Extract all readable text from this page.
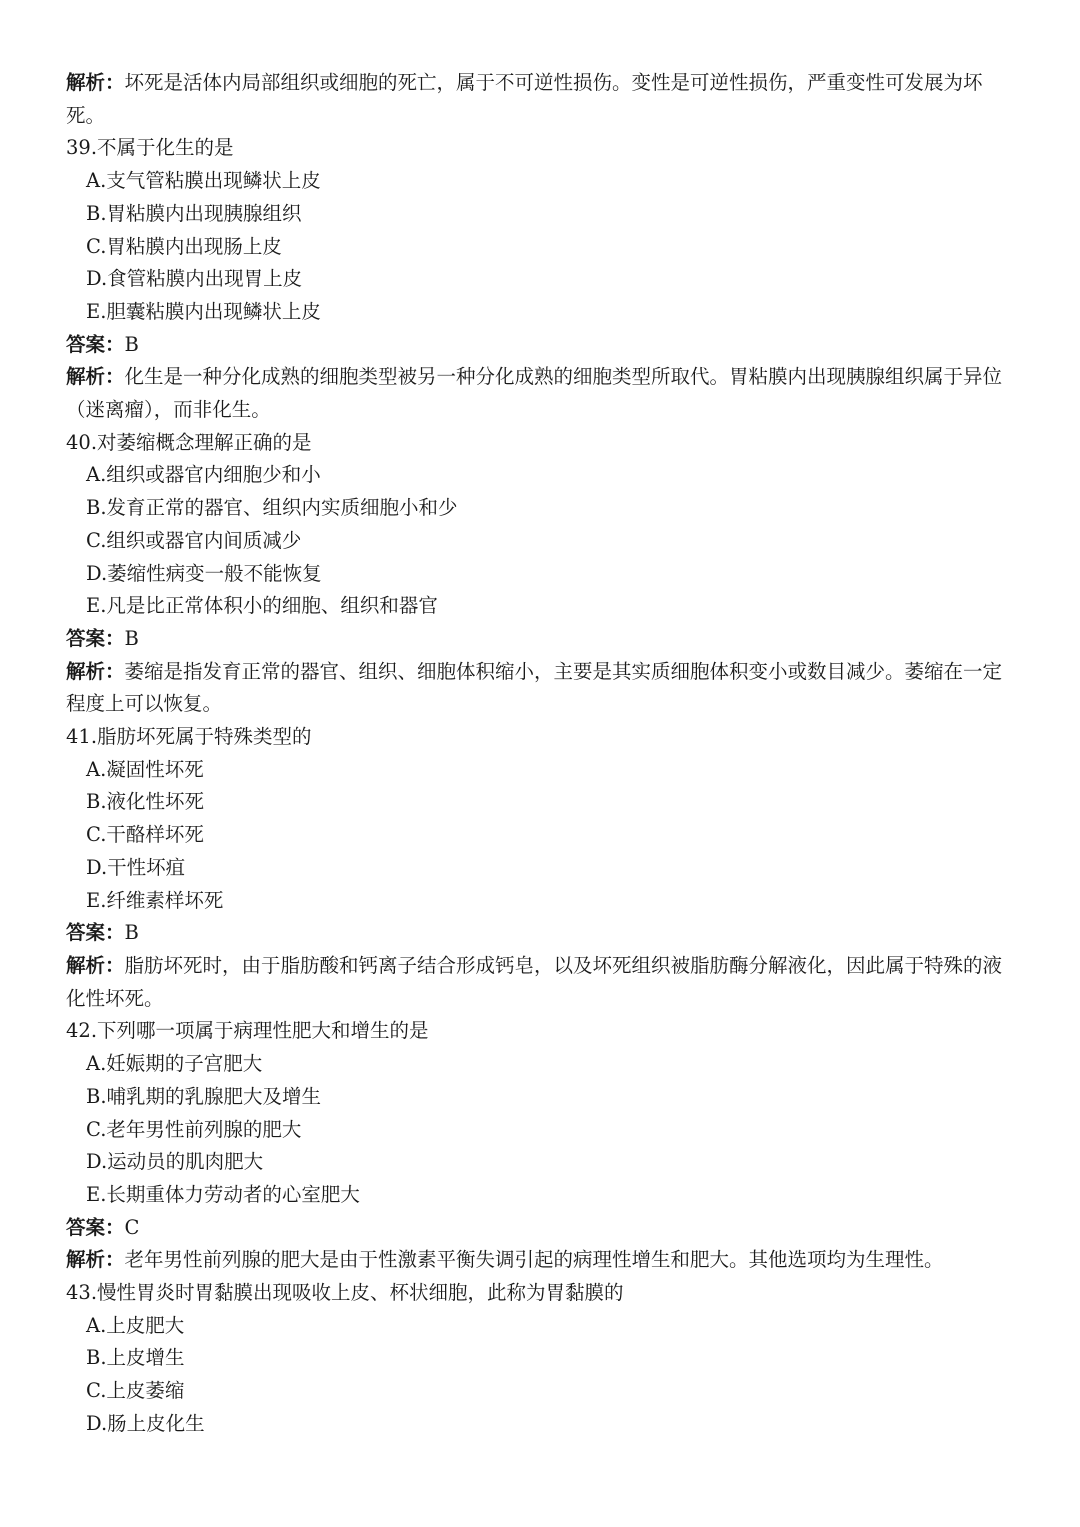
解析：坏死是活体内局部组织或细胞的死亡，属于不可逆性损伤。变性是可逆性损伤，严重变性可发展为坏死。
39.不属于化生的是
A.支气管粘膜出现鳞状上皮
B.胃粘膜内出现胰腺组织
C.胃粘膜内出现肠上皮
D.食管粘膜内出现胃上皮
E.胆囊粘膜内出现鳞状上皮
答案：B
解析：化生是一种分化成熟的细胞类型被另一种分化成熟的细胞类型所取代。胃粘膜内出现胰腺组织属于异位（迷离瘤），而非化生。
40.对萎缩概念理解正确的是
A.组织或器官内细胞少和小
B.发育正常的器官、组织内实质细胞小和少
C.组织或器官内间质减少
D.萎缩性病变一般不能恢复
E.凡是比正常体积小的细胞、组织和器官
答案：B
解析：萎缩是指发育正常的器官、组织、细胞体积缩小，主要是其实质细胞体积变小或数目减少。萎缩在一定程度上可以恢复。
41.脂肪坏死属于特殊类型的
A.凝固性坏死
B.液化性坏死
C.干酪样坏死
D.干性坏疽
E.纤维素样坏死
答案：B
解析：脂肪坏死时，由于脂肪酸和钙离子结合形成钙皂，以及坏死组织被脂肪酶分解液化，因此属于特殊的液化性坏死。
42.下列哪一项属于病理性肥大和增生的是
A.妊娠期的子宫肥大
B.哺乳期的乳腺肥大及增生
C.老年男性前列腺的肥大
D.运动员的肌肉肥大
E.长期重体力劳动者的心室肥大
答案：C
解析：老年男性前列腺的肥大是由于性激素平衡失调引起的病理性增生和肥大。其他选项均为生理性。
43.慢性胃炎时胃黏膜出现吸收上皮、杯状细胞，此称为胃黏膜的
A.上皮肥大
B.上皮增生
C.上皮萎缩
D.肠上皮化生
